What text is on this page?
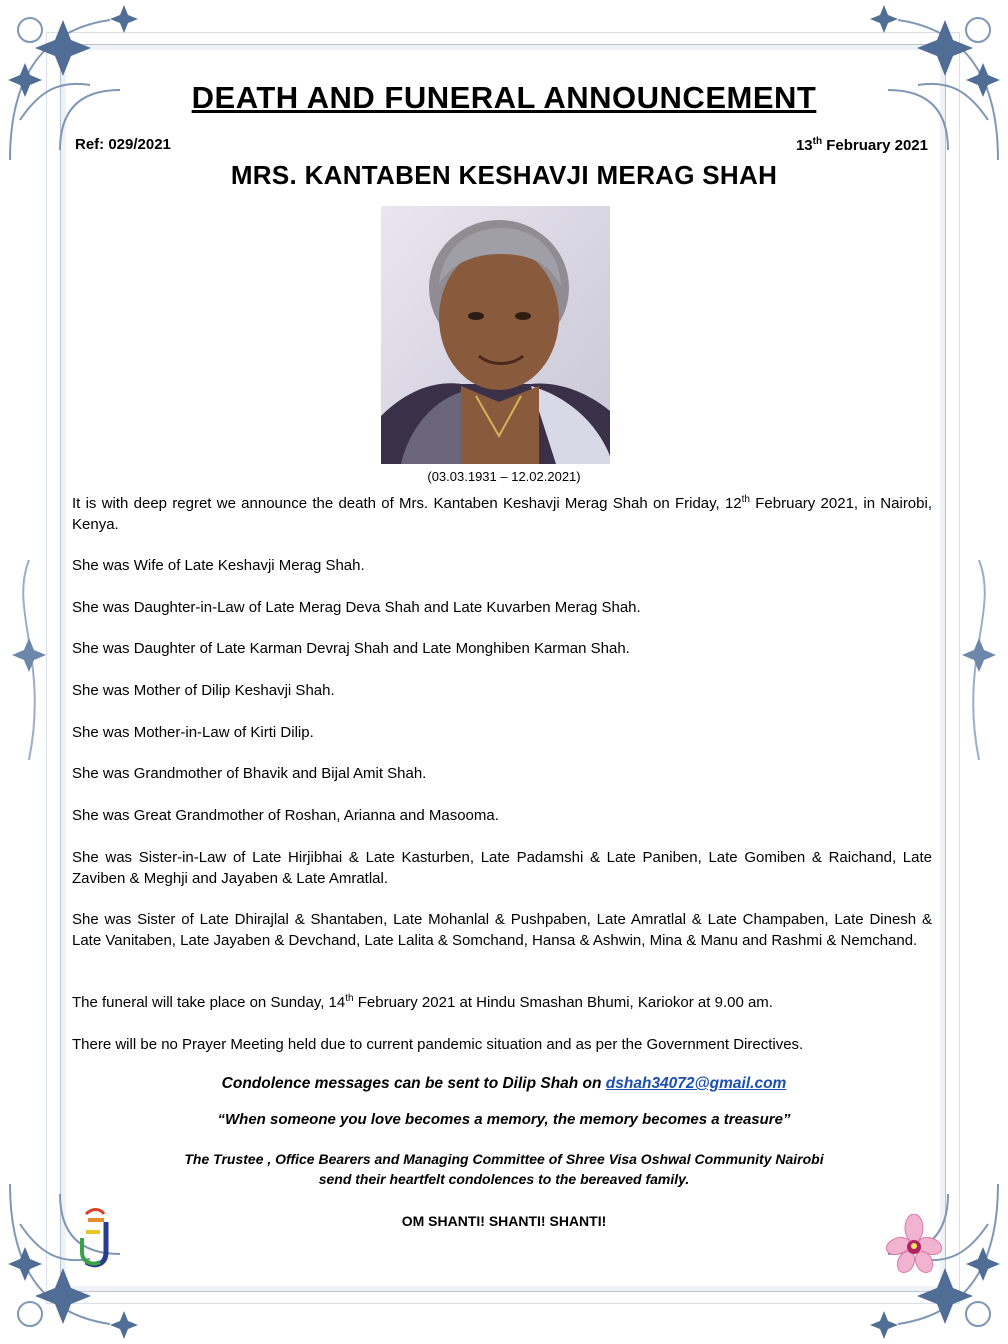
DEATH AND FUNERAL ANNOUNCEMENT
Ref: 029/2021	13th February 2021
MRS. KANTABEN KESHAVJI MERAG SHAH
(03.03.1931 – 12.02.2021)
It is with deep regret we announce the death of Mrs. Kantaben Keshavji Merag Shah on Friday, 12th February 2021, in Nairobi, Kenya.
She was Wife of Late Keshavji Merag Shah.
She was Daughter-in-Law of Late Merag Deva Shah and Late Kuvarben Merag Shah.
She was Daughter of Late Karman Devraj Shah and Late Monghiben Karman Shah.
She was Mother of Dilip Keshavji Shah.
She was Mother-in-Law of Kirti Dilip.
She was Grandmother of Bhavik and Bijal Amit Shah.
She was Great Grandmother of Roshan, Arianna and Masooma.
She was Sister-in-Law of Late Hirjibhai & Late Kasturben, Late Padamshi & Late Paniben, Late Gomiben & Raichand, Late Zaviben & Meghji and Jayaben & Late Amratlal.
She was Sister of Late Dhirajlal & Shantaben, Late Mohanlal & Pushpaben, Late Amratlal & Late Champaben, Late Dinesh & Late Vanitaben, Late Jayaben & Devchand, Late Lalita & Somchand, Hansa & Ashwin, Mina & Manu and Rashmi & Nemchand.
The funeral will take place on Sunday, 14th February 2021 at Hindu Smashan Bhumi, Kariokor at 9.00 am.
There will be no Prayer Meeting held due to current pandemic situation and as per the Government Directives.
Condolence messages can be sent to Dilip Shah on dshah34072@gmail.com
“When someone you love becomes a memory, the memory becomes a treasure”
The Trustee , Office Bearers and Managing Committee of Shree Visa Oshwal Community Nairobi
send their heartfelt condolences to the bereaved family.
OM SHANTI! SHANTI! SHANTI!
